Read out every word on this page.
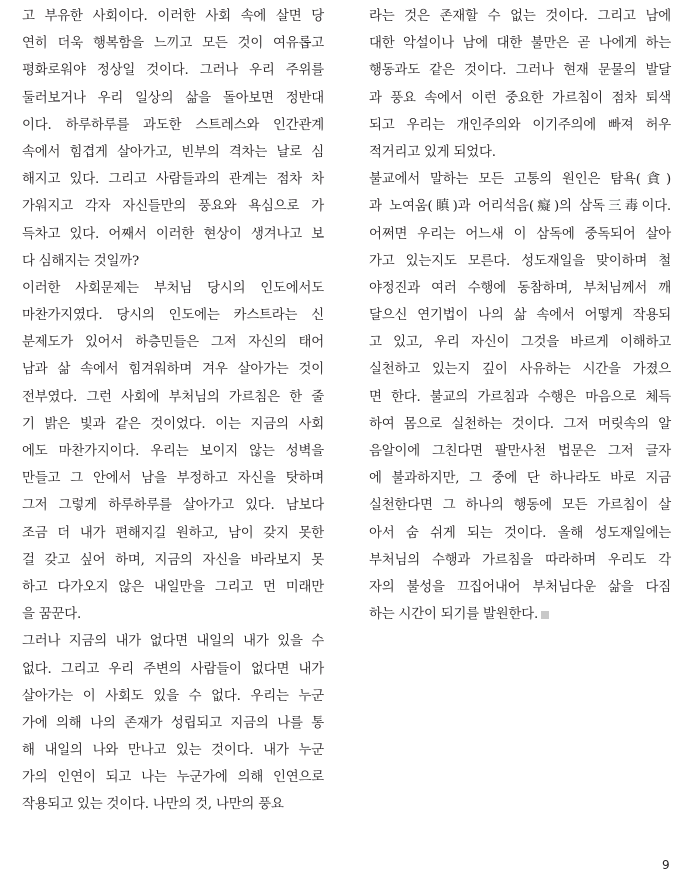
고 부유한 사회이다. 이러한 사회 속에 살면 당
연히 더욱 행복함을 느끼고 모든 것이 여유롭고
평화로워야 정상일 것이다. 그러나 우리 주위를
둘러보거나 우리 일상의 삶을 돌아보면 정반대
이다. 하루하루를 과도한 스트레스와 인간관계
속에서 힘겹게 살아가고, 빈부의 격차는 날로 심
해지고 있다. 그리고 사람들과의 관계는 점차 차
가워지고 각자 자신들만의 풍요와 욕심으로 가
득차고 있다. 어째서 이러한 현상이 생겨나고 보
다 심해지는 것일까?
이러한 사회문제는 부처님 당시의 인도에서도
마찬가지였다. 당시의 인도에는 카스트라는 신
분제도가 있어서 하층민들은 그저 자신의 태어
남과 삶 속에서 힘겨워하며 겨우 살아가는 것이
전부였다. 그런 사회에 부처님의 가르침은 한 줄
기 밝은 빛과 같은 것이었다. 이는 지금의 사회
에도 마찬가지이다. 우리는 보이지 않는 성벽을
만들고 그 안에서 남을 부정하고 자신을 탓하며
그저 그렇게 하루하루를 살아가고 있다. 남보다
조금 더 내가 편해지길 원하고, 남이 갖지 못한
걸 갖고 싶어 하며, 지금의 자신을 바라보지 못
하고 다가오지 않은 내일만을 그리고 먼 미래만
을 꿈꾼다.
그러나 지금의 내가 없다면 내일의 내가 있을 수
없다. 그리고 우리 주변의 사람들이 없다면 내가
살아가는 이 사회도 있을 수 없다. 우리는 누군
가에 의해 나의 존재가 성립되고 지금의 나를 통
해 내일의 나와 만나고 있는 것이다. 내가 누군
가의 인연이 되고 나는 누군가에 의해 인연으로
작용되고 있는 것이다. 나만의 것, 나만의 풍요
라는 것은 존재할 수 없는 것이다. 그리고 남에
대한 악설이나 남에 대한 불만은 곧 나에게 하는
행동과도 같은 것이다. 그러나 현재 문물의 발달
과 풍요 속에서 이런 중요한 가르침이 점차 퇴색
되고 우리는 개인주의와 이기주의에 빠져 허우
적거리고 있게 되었다.
불교에서 말하는 모든 고통의 원인은 탐욕(貪)
과 노여움(瞋)과 어리석음(癡)의 삼독三毒이다.
어쩌면 우리는 어느새 이 삼독에 중독되어 살아
가고 있는지도 모른다. 성도재일을 맞이하며 철
야정진과 여러 수행에 동참하며, 부처님께서 깨
달으신 연기법이 나의 삶 속에서 어떻게 작용되
고 있고, 우리 자신이 그것을 바르게 이해하고
실천하고 있는지 깊이 사유하는 시간을 가졌으
면 한다. 불교의 가르침과 수행은 마음으로 체득
하여 몸으로 실천하는 것이다. 그저 머릿속의 알
음알이에 그친다면 팔만사천 법문은 그저 글자
에 불과하지만, 그 중에 단 하나라도 바로 지금
실천한다면 그 하나의 행동에 모든 가르침이 살
아서 숨 쉬게 되는 것이다. 올해 성도재일에는
부처님의 수행과 가르침을 따라하며 우리도 각
자의 불성을 끄집어내어 부처님다운 삶을 다짐
하는 시간이 되기를 발원한다.
9
